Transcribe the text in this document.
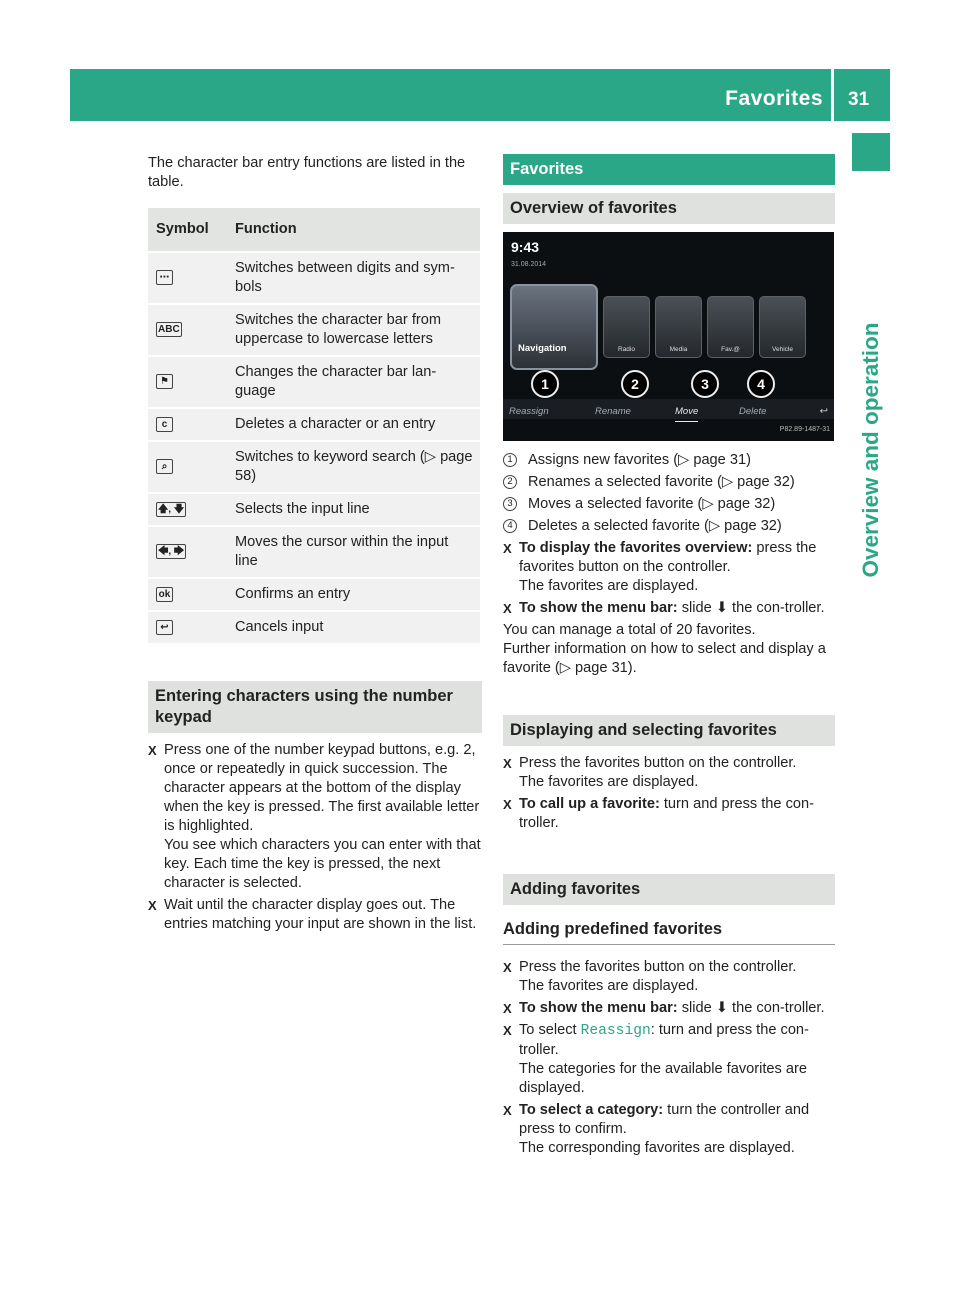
Favorites 31
Overview and operation

The character bar entry functions are listed in the table.

Symbol	Function
⋯	Switches between digits and sym-bols
ABC	Switches the character bar from uppercase to lowercase letters
⚑	Changes the character bar lan-guage
c	Deletes a character or an entry
⌕	Switches to keyword search (▷ page 58)
🡅, 🡇	Selects the input line
🡄, 🡆	Moves the cursor within the input line
ok	Confirms an entry
↩	Cancels input
Entering characters using the number keypad
X Press one of the number keypad buttons, e.g. 2, once or repeatedly in quick succession. The character appears at the bottom of the display when the key is pressed. The first available letter is highlighted.
You see which characters you can enter with that key. Each time the key is pressed, the next character is selected.
X Wait until the character display goes out. The entries matching your input are shown in the list.
Favorites
Overview of favorites
9:43
31.08.2014
Navigation	Radio	Media	Fav.@	Vehicle
1	2	3	4
Reassign	Rename	Move	Delete	↩
P82.89-1487-31
1 Assigns new favorites (▷ page 31)
2 Renames a selected favorite (▷ page 32)
3 Moves a selected favorite (▷ page 32)
4 Deletes a selected favorite (▷ page 32)
X To display the favorites overview: press the favorites button on the controller.
The favorites are displayed.
X To show the menu bar: slide ⬇ the con-troller.

You can manage a total of 20 favorites.

Further information on how to select and display a favorite (▷ page 31).

Displaying and selecting favorites
X Press the favorites button on the controller.
The favorites are displayed.
X To call up a favorite: turn and press the con-troller.
Adding favorites
Adding predefined favorites
X Press the favorites button on the controller.
The favorites are displayed.
X To show the menu bar: slide ⬇ the con-troller.
X To select Reassign: turn and press the con-troller.
The categories for the available favorites are displayed.
X To select a category: turn the controller and press to confirm.
The corresponding favorites are displayed.
